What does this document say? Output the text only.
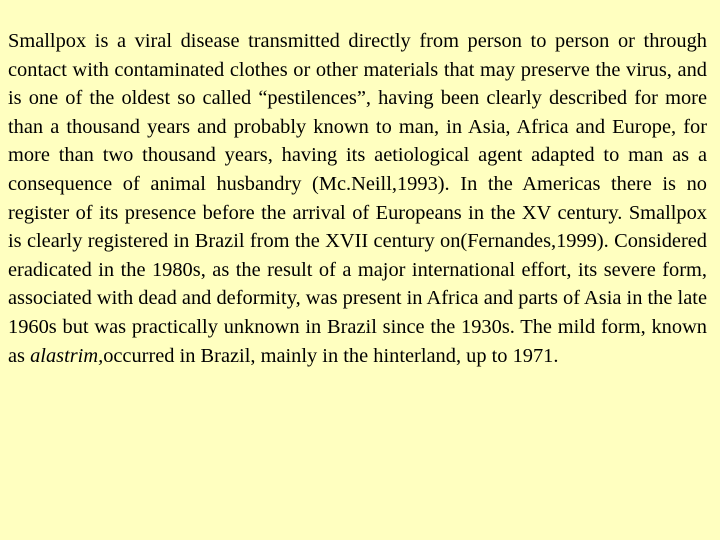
Smallpox is a viral disease transmitted directly from person to person or through contact with contaminated clothes or other materials that may preserve the virus, and is one of the oldest so called “pestilences”, having been clearly described for more than a thousand years and probably known to man, in Asia, Africa and Europe, for more than two thousand years, having its aetiological agent adapted to man as a consequence of animal husbandry (Mc.Neill,1993). In the Americas there is no register of its presence before the arrival of Europeans in the XV century. Smallpox is clearly registered in Brazil from the XVII century on(Fernandes,1999). Considered eradicated in the 1980s, as the result of a major international effort, its severe form, associated with dead and deformity, was present in Africa and parts of Asia in the late 1960s but was practically unknown in Brazil since the 1930s. The mild form, known as alastrim,occurred in Brazil, mainly in the hinterland, up to 1971.
